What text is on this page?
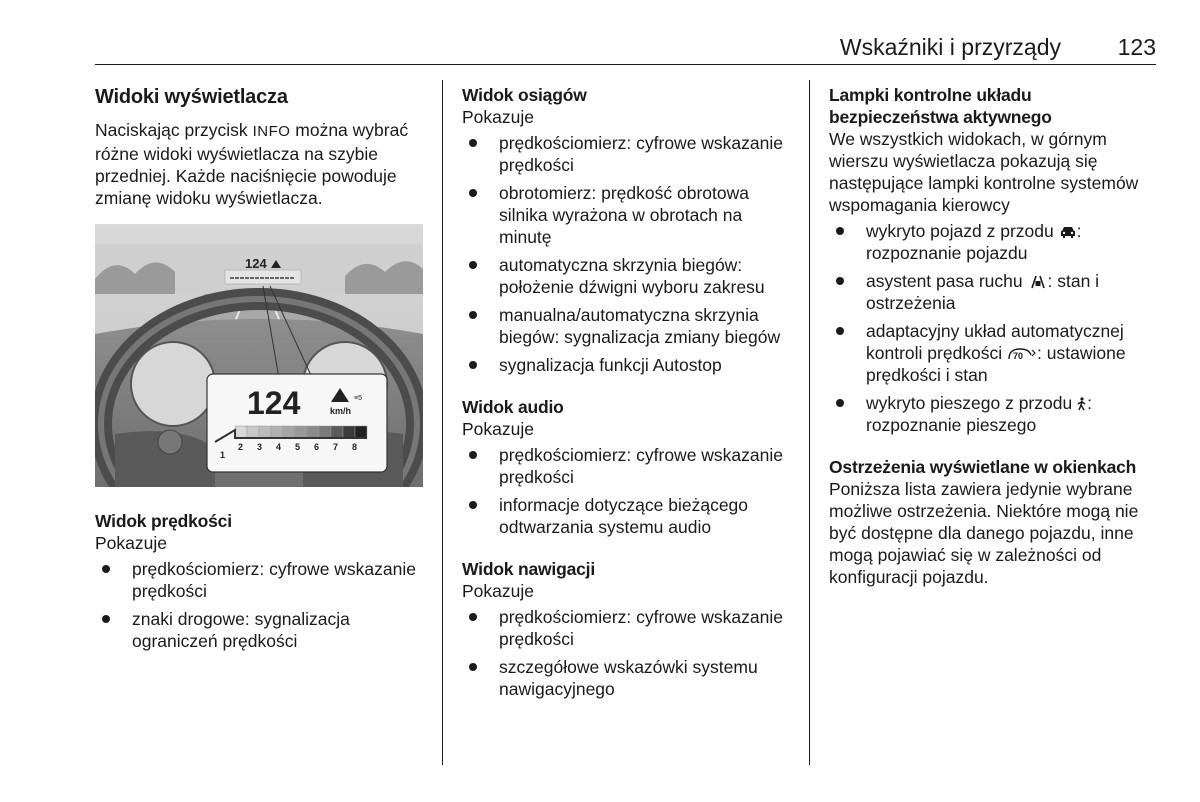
Wskaźniki i przyrządy 123
Widoki wyświetlacza

Naciskając przycisk INFO można wybrać różne widoki wyświetlacza na szybie przedniej. Każde naciśnięcie powoduje zmianę widoku wyświetlacza.

124
124	km/h
≡5
1
2 3 4 5 6 7 8
Widok prędkości

Pokazuje

prędkościomierz: cyfrowe wskazanie prędkości
znaki drogowe: sygnalizacja ograniczeń prędkości
Widok osiągów

Pokazuje

prędkościomierz: cyfrowe wskazanie prędkości
obrotomierz: prędkość obrotowa silnika wyrażona w obrotach na minutę
automatyczna skrzynia biegów: położenie dźwigni wyboru zakresu
manualna/automatyczna skrzynia biegów: sygnalizacja zmiany biegów
sygnalizacja funkcji Autostop
Widok audio

Pokazuje

prędkościomierz: cyfrowe wskazanie prędkości
informacje dotyczące bieżącego odtwarzania systemu audio
Widok nawigacji

Pokazuje

prędkościomierz: cyfrowe wskazanie prędkości
szczegółowe wskazówki systemu nawigacyjnego
Lampki kontrolne układu bezpieczeństwa aktywnego

We wszystkich widokach, w górnym wierszu wyświetlacza pokazują się następujące lampki kontrolne systemów wspomagania kierowcy

wykryto pojazd z przodu : rozpoznanie pojazdu
asystent pasa ruchu : stan i ostrzeżenia
adaptacyjny układ automatycznej kontroli prędkości 70 : ustawione prędkości i stan
wykryto pieszego z przodu : rozpoznanie pieszego
Ostrzeżenia wyświetlane w okienkach

Poniższa lista zawiera jedynie wybrane możliwe ostrzeżenia. Niektóre mogą nie być dostępne dla danego pojazdu, inne mogą pojawiać się w zależności od konfiguracji pojazdu.
